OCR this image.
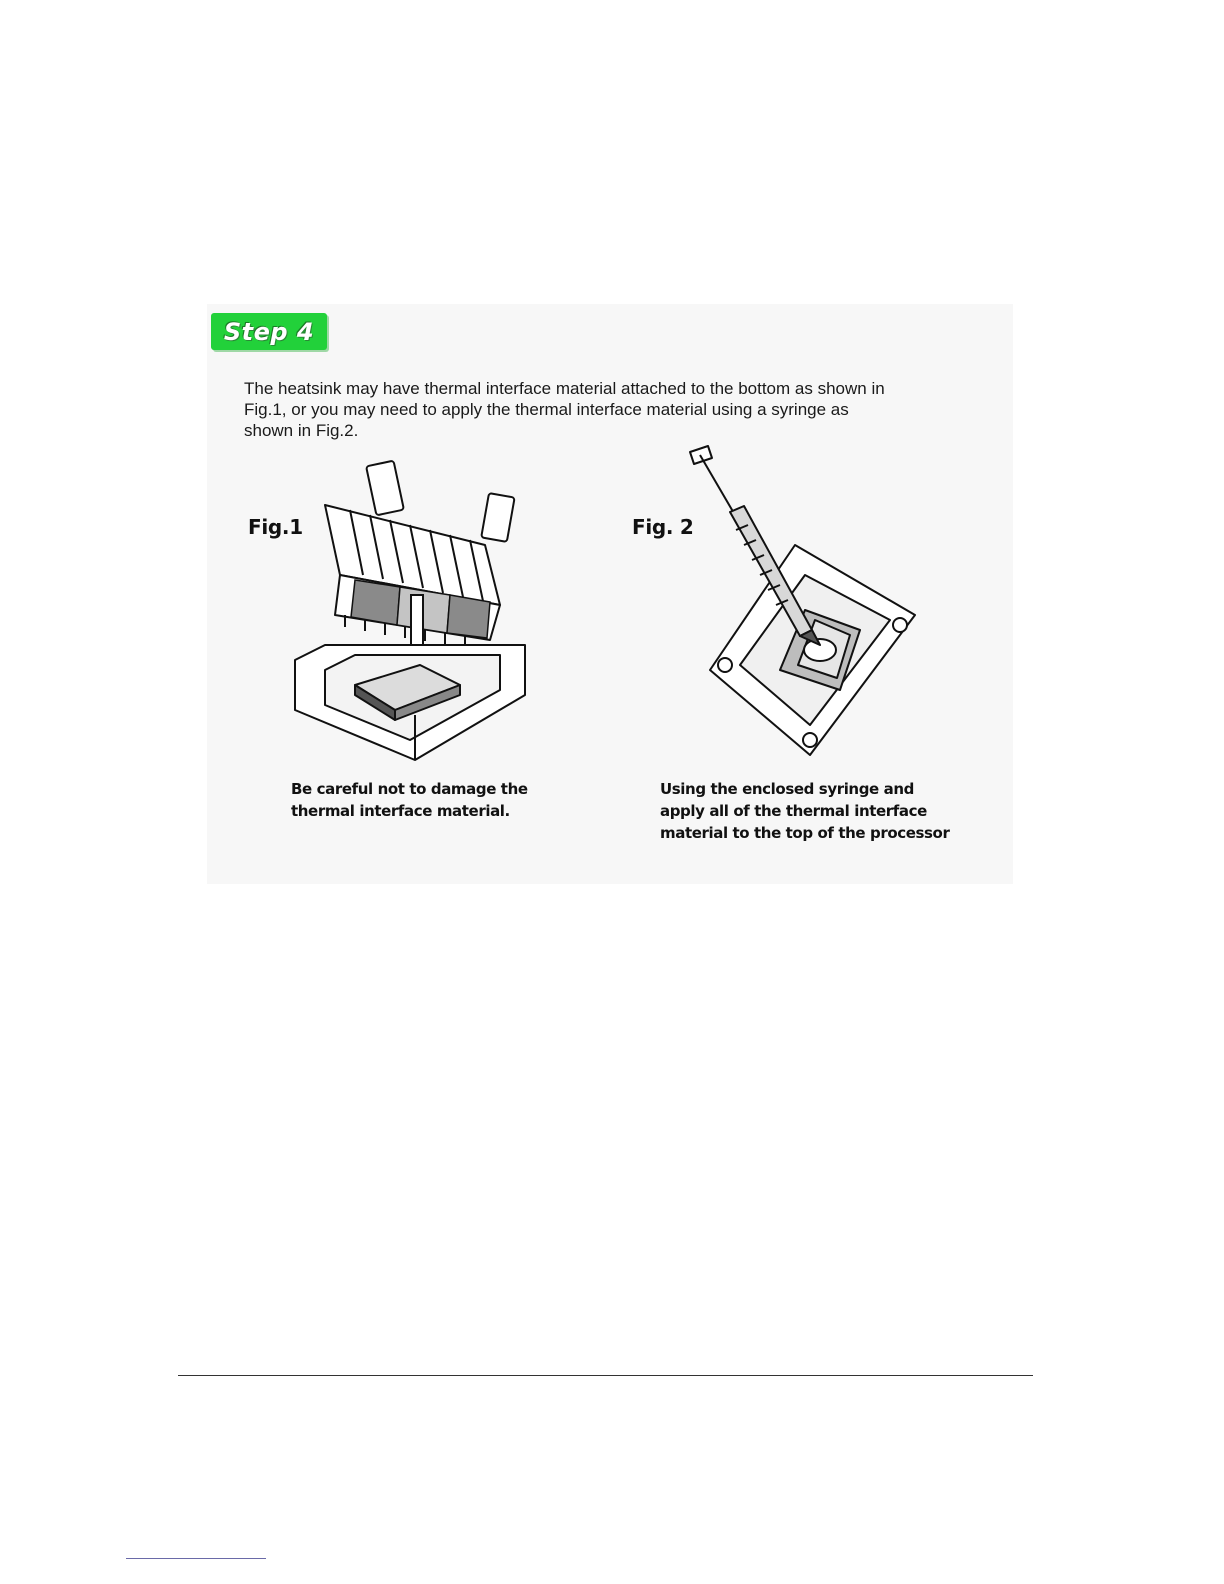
Step 4

The heatsink may have thermal interface material attached to the bottom as shown in
Fig.1, or you may need to apply the thermal interface material using a syringe as
shown in Fig.2.

Fig.1

Be careful not to damage the
thermal interface material.

Fig. 2

Using the enclosed syringe and
apply all of the thermal interface
material to the top of the processor
